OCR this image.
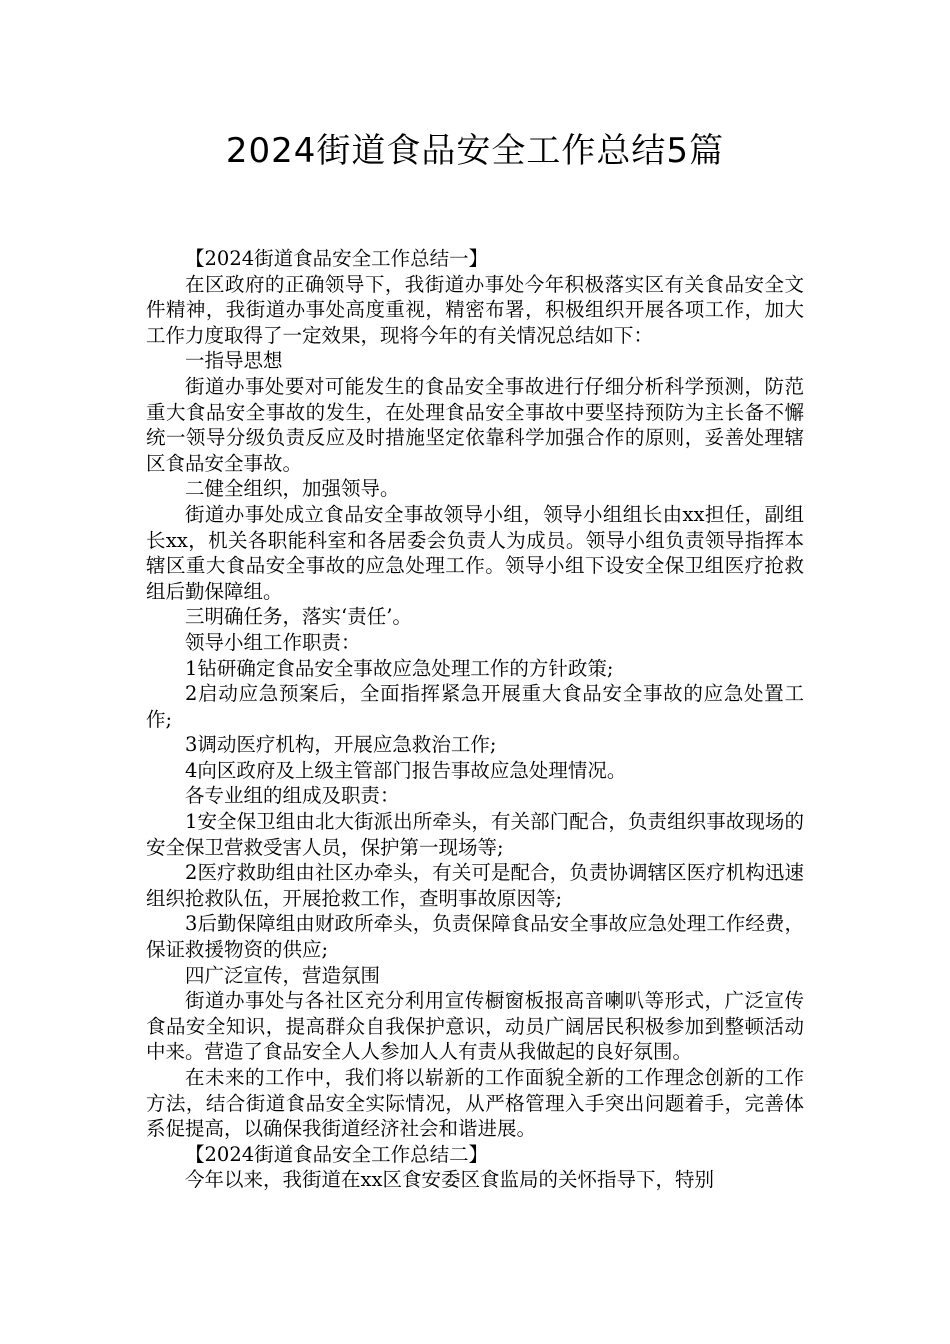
2024街道食品安全工作总结5篇

【2024街道食品安全工作总结一】

在区政府的正确领导下，我街道办事处今年积极落实区有关食品安全文件精神，我街道办事处高度重视，精密布署，积极组织开展各项工作，加大工作力度取得了一定效果，现将今年的有关情况总结如下：

一指导思想

街道办事处要对可能发生的食品安全事故进行仔细分析科学预测，防范重大食品安全事故的发生，在处理食品安全事故中要坚持预防为主长备不懈统一领导分级负责反应及时措施坚定依靠科学加强合作的原则，妥善处理辖区食品安全事故。

二健全组织，加强领导。

街道办事处成立食品安全事故领导小组，领导小组组长由xx担任，副组长xx，机关各职能科室和各居委会负责人为成员。领导小组负责领导指挥本辖区重大食品安全事故的应急处理工作。领导小组下设安全保卫组医疗抢救组后勤保障组。

三明确任务，落实‘责任’。

领导小组工作职责：

1钻研确定食品安全事故应急处理工作的方针政策;

2启动应急预案后，全面指挥紧急开展重大食品安全事故的应急处置工作;

3调动医疗机构，开展应急救治工作;

4向区政府及上级主管部门报告事故应急处理情况。

各专业组的组成及职责：

1安全保卫组由北大街派出所牵头，有关部门配合，负责组织事故现场的安全保卫营救受害人员，保护第一现场等;

2医疗救助组由社区办牵头，有关可是配合，负责协调辖区医疗机构迅速组织抢救队伍，开展抢救工作，查明事故原因等;

3后勤保障组由财政所牵头，负责保障食品安全事故应急处理工作经费，保证救援物资的供应;

四广泛宣传，营造氛围

街道办事处与各社区充分利用宣传橱窗板报高音喇叭等形式，广泛宣传食品安全知识，提高群众自我保护意识，动员广阔居民积极参加到整顿活动中来。营造了食品安全人人参加人人有责从我做起的良好氛围。

在未来的工作中，我们将以崭新的工作面貌全新的工作理念创新的工作方法，结合街道食品安全实际情况，从严格管理入手突出问题着手，完善体系促提高，以确保我街道经济社会和谐进展。

【2024街道食品安全工作总结二】

今年以来，我街道在xx区食安委区食监局的关怀指导下，特别
